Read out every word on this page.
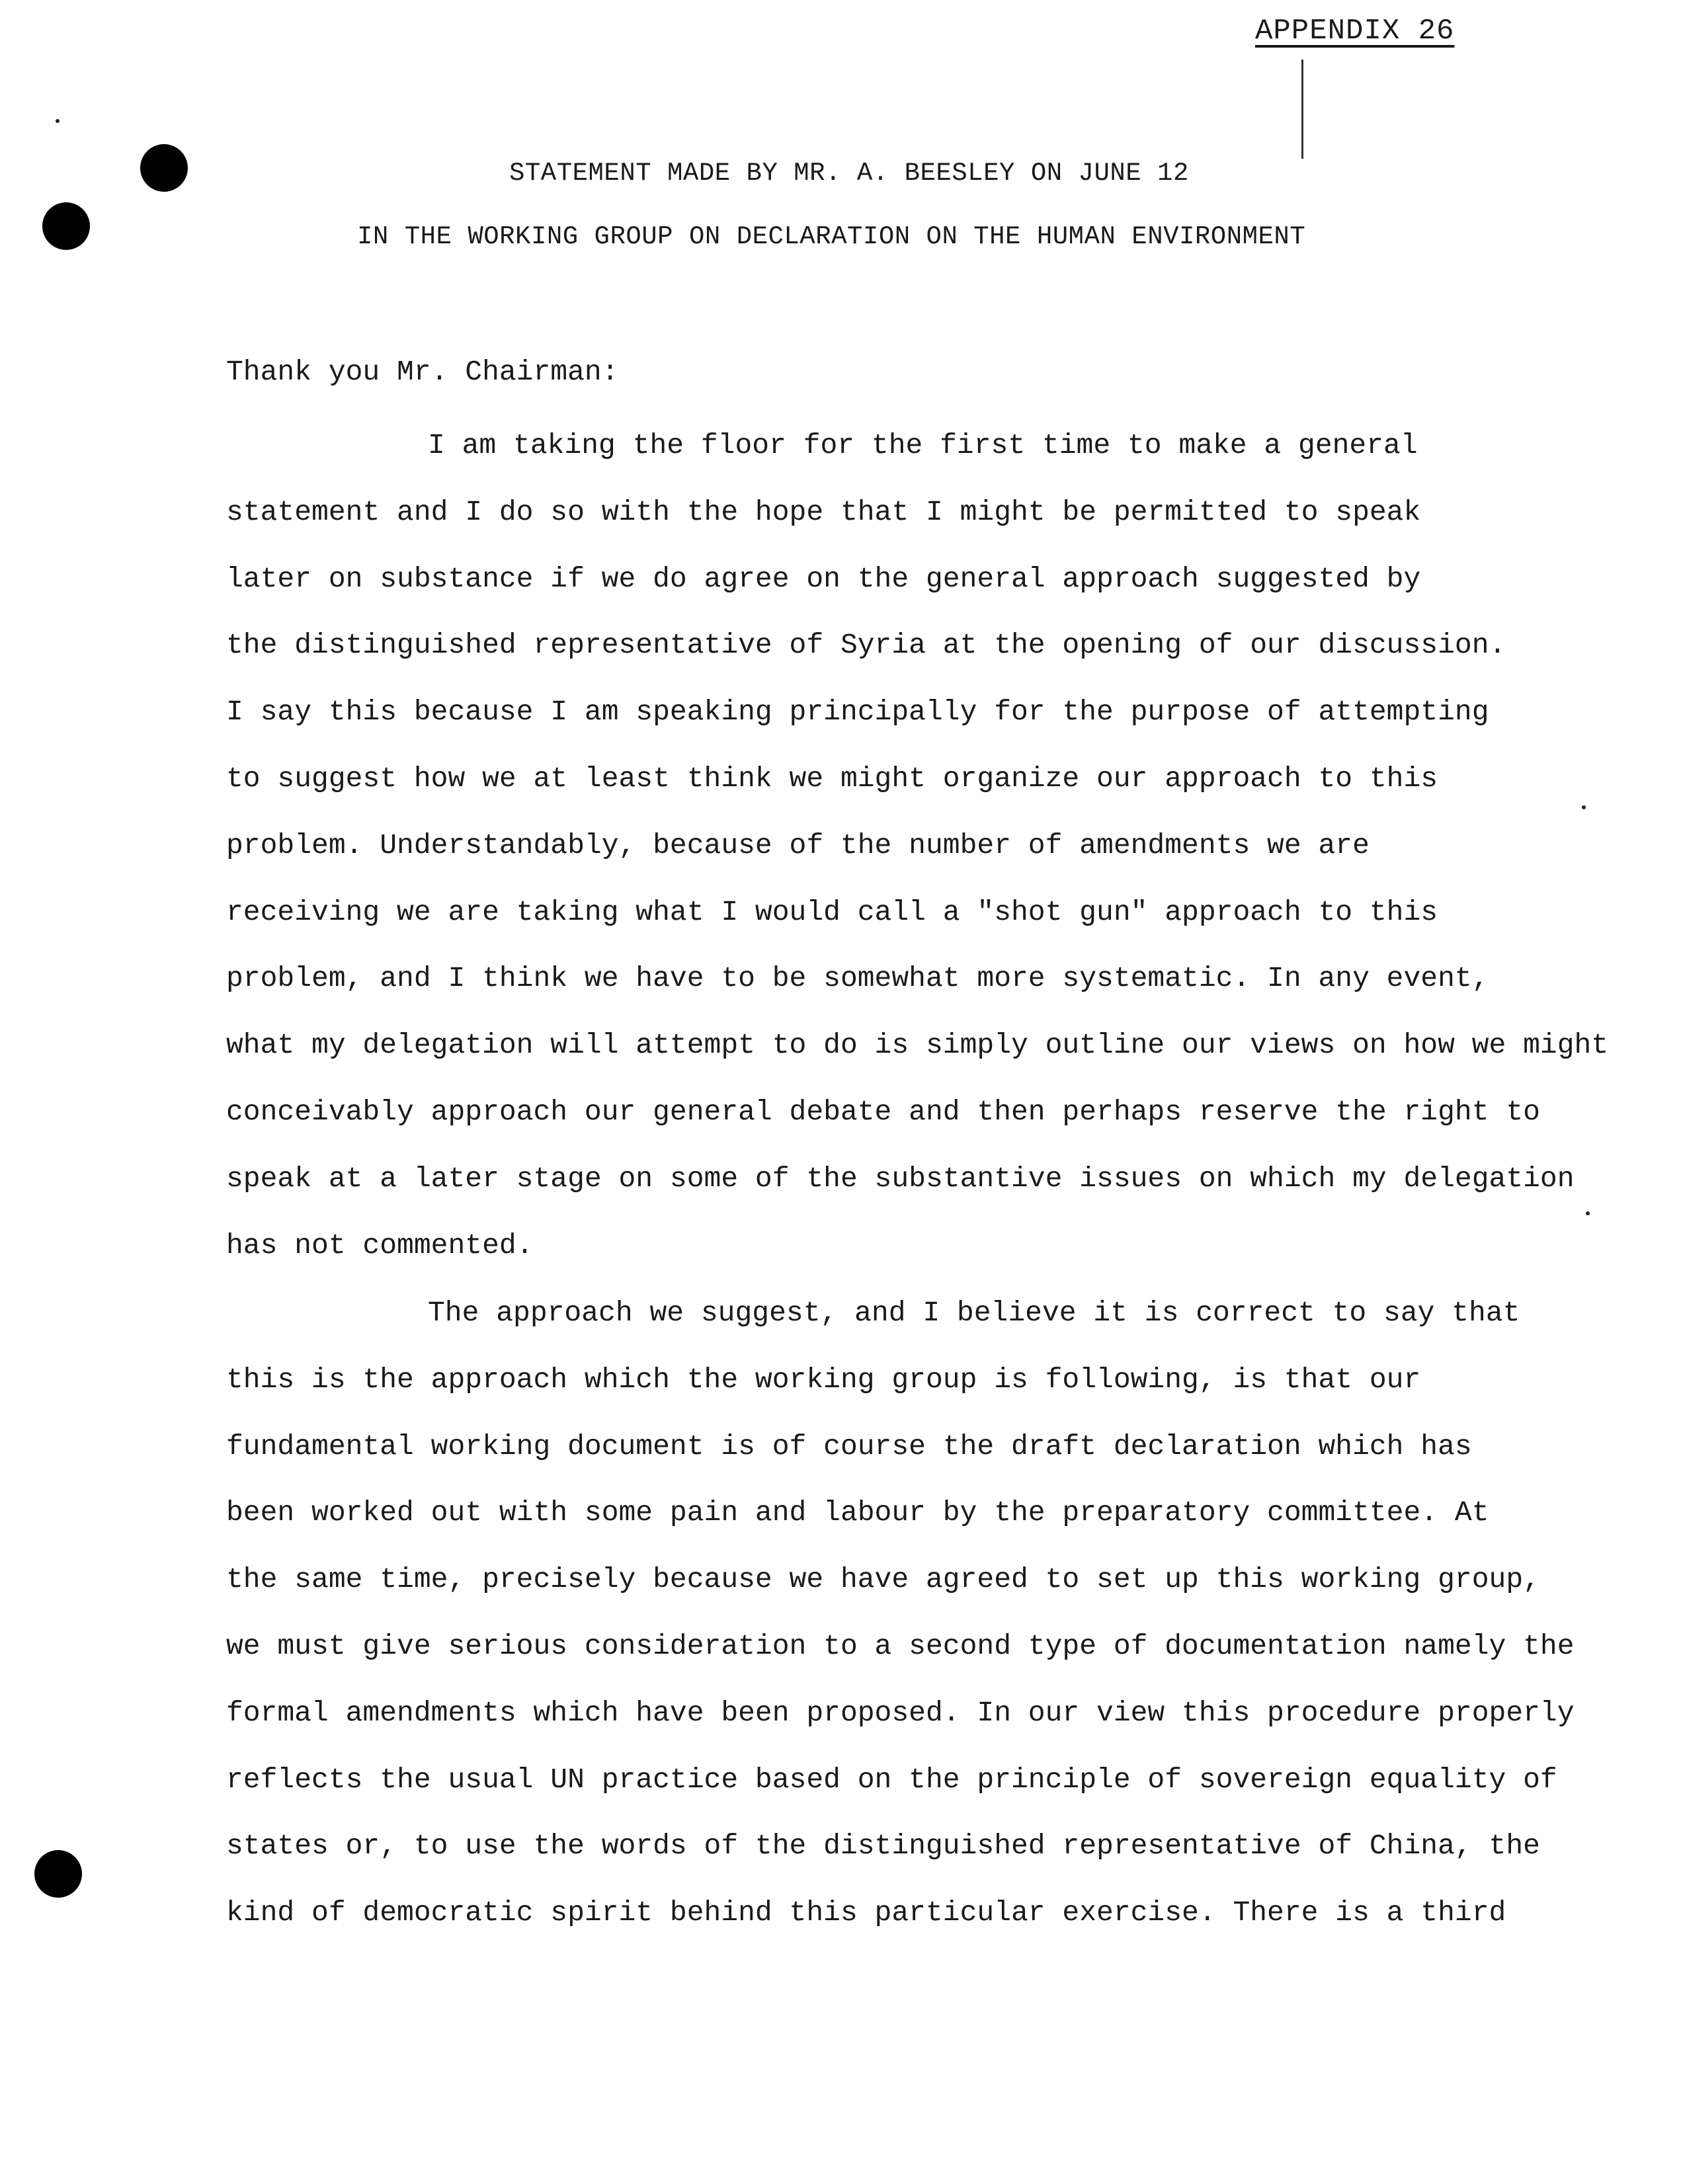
APPENDIX 26
STATEMENT MADE BY MR. A. BEESLEY ON JUNE 12
IN THE WORKING GROUP ON DECLARATION ON THE HUMAN ENVIRONMENT
Thank you Mr. Chairman:
I am taking the floor for the first time to make a general
statement and I do so with the hope that I might be permitted to speak
later on substance if we do agree on the general approach suggested by
the distinguished representative of Syria at the opening of our discussion.
I say this because I am speaking principally for the purpose of attempting
to suggest how we at least think we might organize our approach to this
problem. Understandably, because of the number of amendments we are
receiving we are taking what I would call a "shot gun" approach to this
problem, and I think we have to be somewhat more systematic. In any event,
what my delegation will attempt to do is simply outline our views on how we might
conceivably approach our general debate and then perhaps reserve the right to
speak at a later stage on some of the substantive issues on which my delegation
has not commented.
The approach we suggest, and I believe it is correct to say that
this is the approach which the working group is following, is that our
fundamental working document is of course the draft declaration which has
been worked out with some pain and labour by the preparatory committee. At
the same time, precisely because we have agreed to set up this working group,
we must give serious consideration to a second type of documentation namely the
formal amendments which have been proposed. In our view this procedure properly
reflects the usual UN practice based on the principle of sovereign equality of
states or, to use the words of the distinguished representative of China, the
kind of democratic spirit behind this particular exercise. There is a third
